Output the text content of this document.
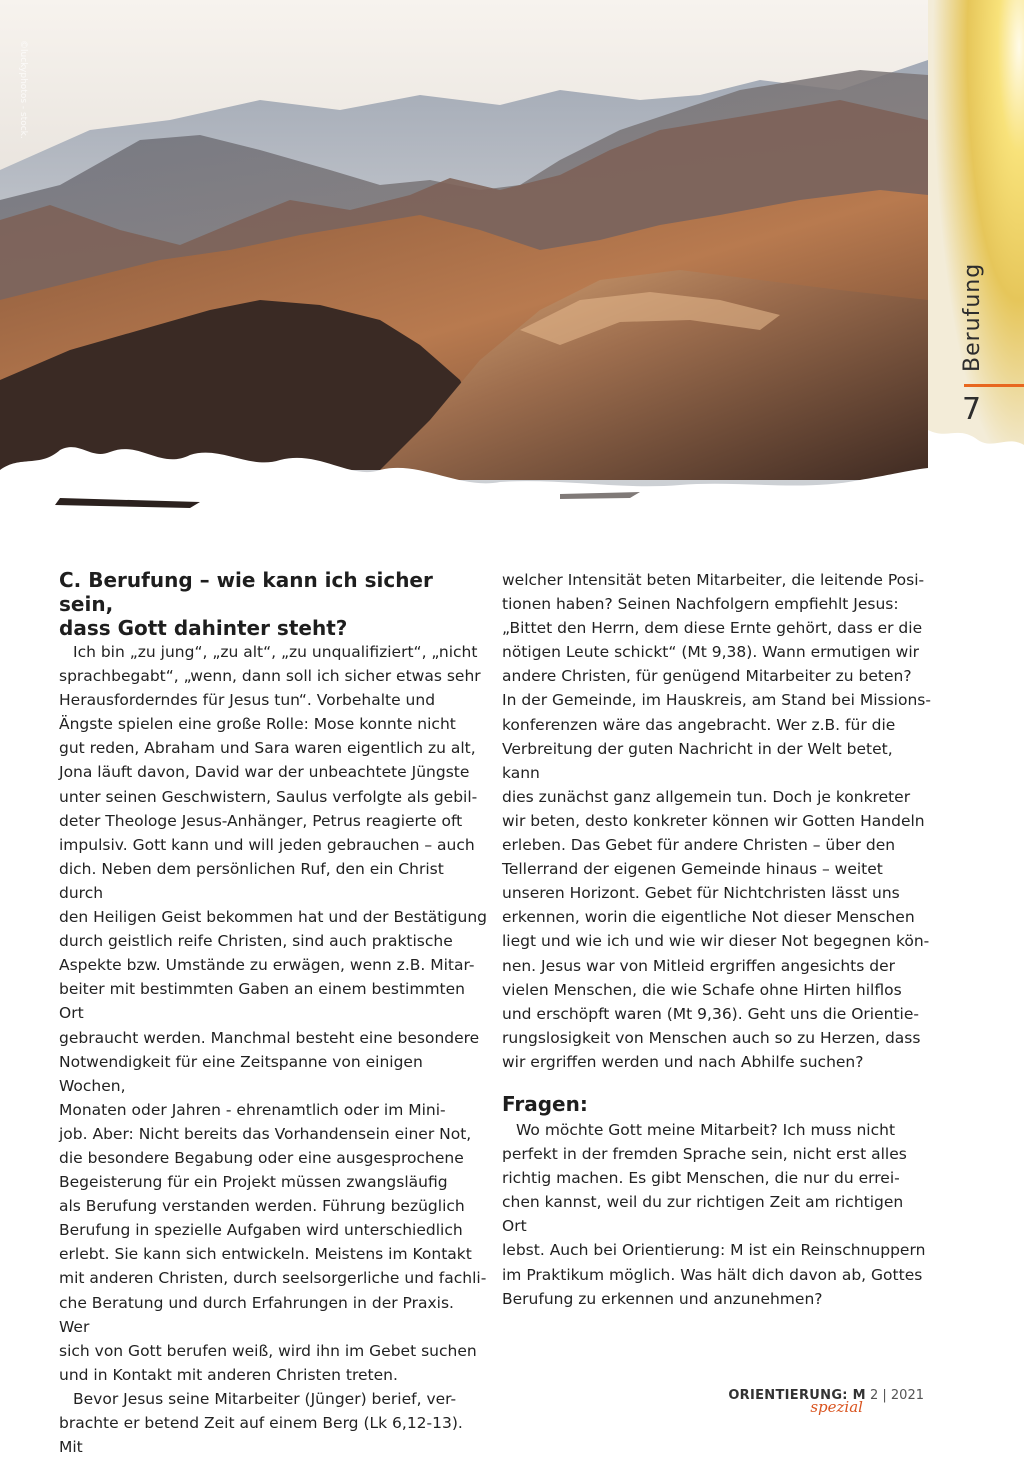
©luckyphotos - stock.
Berufung
7
C. Berufung – wie kann ich sicher sein,
dass Gott dahinter steht?

Ich bin „zu jung“, „zu alt“, „zu unqualifiziert“, „nicht
sprachbegabt“, „wenn, dann soll ich sicher etwas sehr
Herausforderndes für Jesus tun“. Vorbehalte und
Ängste spielen eine große Rolle: Mose konnte nicht
gut reden, Abraham und Sara waren eigentlich zu alt,
Jona läuft davon, David war der unbeachtete Jüngste
unter seinen Geschwistern, Saulus verfolgte als gebil-
deter Theologe Jesus-Anhänger, Petrus reagierte oft
impulsiv. Gott kann und will jeden gebrauchen – auch
dich. Neben dem persönlichen Ruf, den ein Christ durch
den Heiligen Geist bekommen hat und der Bestätigung
durch geistlich reife Christen, sind auch praktische
Aspekte bzw. Umstände zu erwägen, wenn z.B. Mitar-
beiter mit bestimmten Gaben an einem bestimmten Ort
gebraucht werden. Manchmal besteht eine besondere
Notwendigkeit für eine Zeitspanne von einigen Wochen,
Monaten oder Jahren - ehrenamtlich oder im Mini-
job. Aber: Nicht bereits das Vorhandensein einer Not,
die besondere Begabung oder eine ausgesprochene
Begeisterung für ein Projekt müssen zwangsläufig
als Berufung verstanden werden. Führung bezüglich
Berufung in spezielle Aufgaben wird unterschiedlich
erlebt. Sie kann sich entwickeln. Meistens im Kontakt
mit anderen Christen, durch seelsorgerliche und fachli-
che Beratung und durch Erfahrungen in der Praxis. Wer
sich von Gott berufen weiß, wird ihn im Gebet suchen
und in Kontakt mit anderen Christen treten.

Bevor Jesus seine Mitarbeiter (Jünger) berief, ver-
brachte er betend Zeit auf einem Berg (Lk 6,12-13). Mit

welcher Intensität beten Mitarbeiter, die leitende Posi-
tionen haben? Seinen Nachfolgern empfiehlt Jesus:
„Bittet den Herrn, dem diese Ernte gehört, dass er die
nötigen Leute schickt“ (Mt 9,38). Wann ermutigen wir
andere Christen, für genügend Mitarbeiter zu beten?
In der Gemeinde, im Hauskreis, am Stand bei Missions-
konferenzen wäre das angebracht. Wer z.B. für die
Verbreitung der guten Nachricht in der Welt betet, kann
dies zunächst ganz allgemein tun. Doch je konkreter
wir beten, desto konkreter können wir Gotten Handeln
erleben. Das Gebet für andere Christen – über den
Tellerrand der eigenen Gemeinde hinaus – weitet
unseren Horizont. Gebet für Nichtchristen lässt uns
erkennen, worin die eigentliche Not dieser Menschen
liegt und wie ich und wie wir dieser Not begegnen kön-
nen. Jesus war von Mitleid ergriffen angesichts der
vielen Menschen, die wie Schafe ohne Hirten hilflos
und erschöpft waren (Mt 9,36). Geht uns die Orientie-
rungslosigkeit von Menschen auch so zu Herzen, dass
wir ergriffen werden und nach Abhilfe suchen?

Fragen:

Wo möchte Gott meine Mitarbeit? Ich muss nicht
perfekt in der fremden Sprache sein, nicht erst alles
richtig machen. Es gibt Menschen, die nur du errei-
chen kannst, weil du zur richtigen Zeit am richtigen Ort
lebst. Auch bei Orientierung: M ist ein Reinschnuppern
im Praktikum möglich. Was hält dich davon ab, Gottes
Berufung zu erkennen und anzunehmen?

ORIENTIERUNG: M
spezial
2 | 2021
